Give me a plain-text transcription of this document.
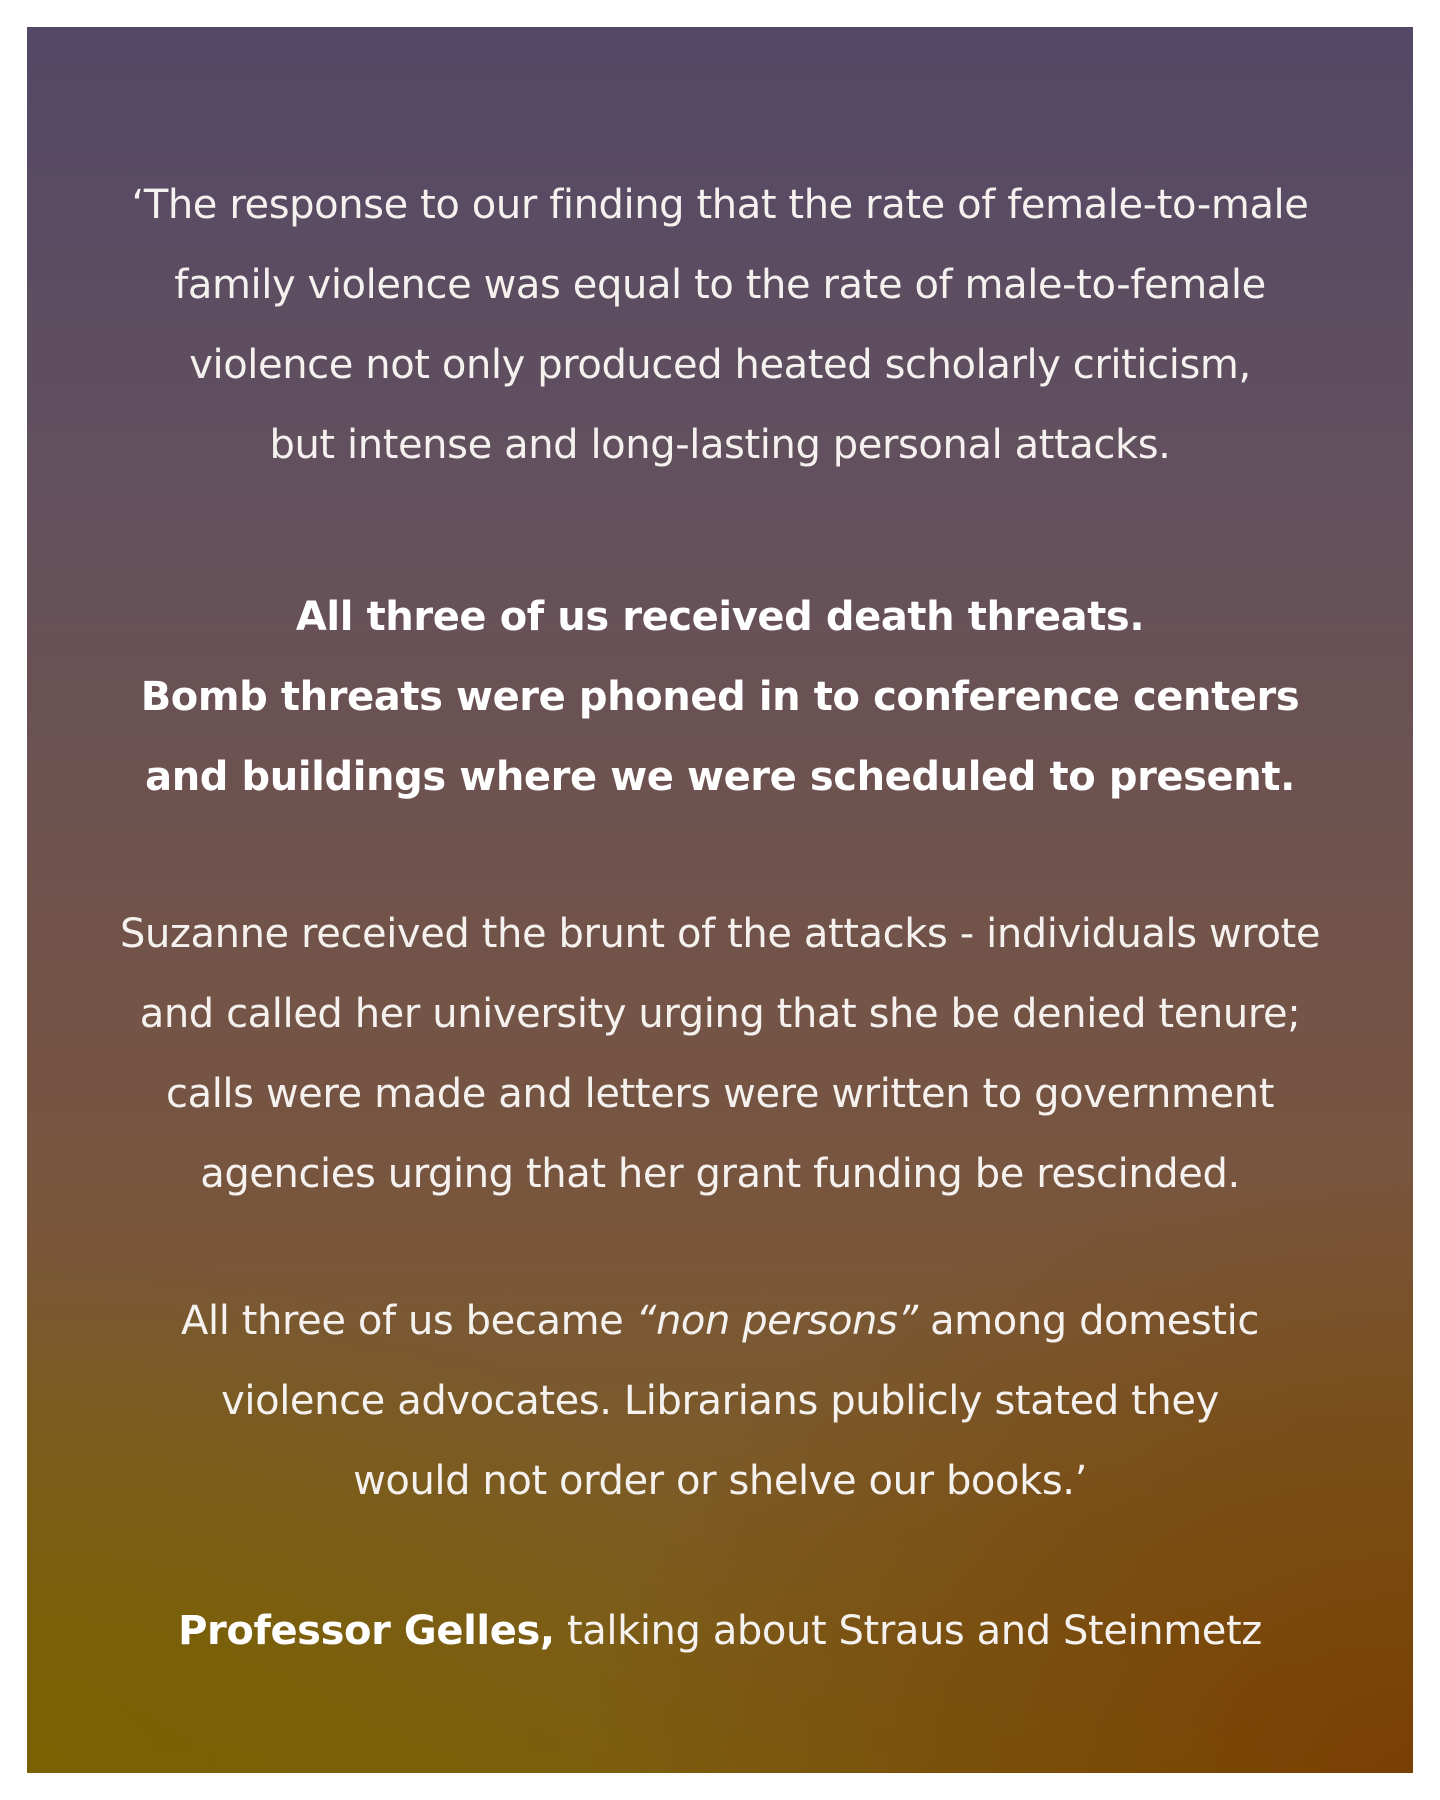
‘The response to our finding that the rate of female-to-male
family violence was equal to the rate of male-to-female
violence not only produced heated scholarly criticism,
but intense and long-lasting personal attacks.
All three of us received death threats.
Bomb threats were phoned in to conference centers
and buildings where we were scheduled to present.
Suzanne received the brunt of the attacks - individuals wrote
and called her university urging that she be denied tenure;
calls were made and letters were written to government
agencies urging that her grant funding be rescinded.
All three of us became “non persons” among domestic
violence advocates. Librarians publicly stated they
would not order or shelve our books.’
Professor Gelles, talking about Straus and Steinmetz
